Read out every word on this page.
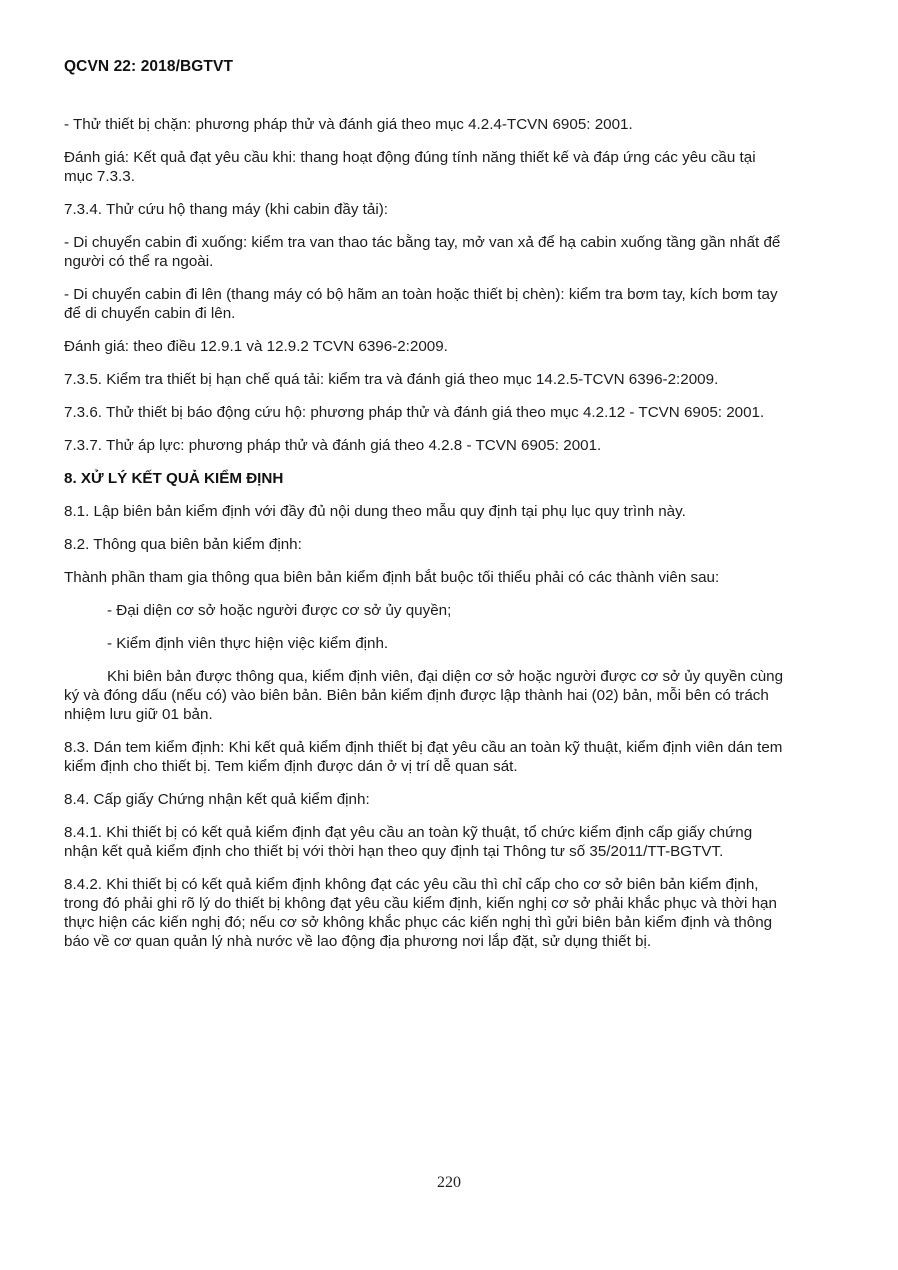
QCVN 22: 2018/BGTVT

- Thử thiết bị chặn: phương pháp thử và đánh giá theo mục 4.2.4-TCVN 6905: 2001.

Đánh giá: Kết quả đạt yêu cầu khi: thang hoạt động đúng tính năng thiết kế và đáp ứng các yêu cầu tại mục 7.3.3.

7.3.4. Thử cứu hộ thang máy (khi cabin đầy tải):

- Di chuyển cabin đi xuống: kiểm tra van thao tác bằng tay, mở van xả để hạ cabin xuống tầng gần nhất để người có thể ra ngoài.

- Di chuyển cabin đi lên (thang máy có bộ hãm an toàn hoặc thiết bị chèn): kiểm tra bơm tay, kích bơm tay để di chuyển cabin đi lên.

Đánh giá: theo điều 12.9.1 và 12.9.2 TCVN 6396-2:2009.

7.3.5. Kiểm tra thiết bị hạn chế quá tải: kiểm tra và đánh giá theo mục 14.2.5-TCVN 6396-2:2009.

7.3.6. Thử thiết bị báo động cứu hộ: phương pháp thử và đánh giá theo mục 4.2.12 - TCVN 6905: 2001.

7.3.7. Thử áp lực: phương pháp thử và đánh giá theo 4.2.8 - TCVN 6905: 2001.

8. XỬ LÝ KẾT QUẢ KIỂM ĐỊNH

8.1. Lập biên bản kiểm định với đầy đủ nội dung theo mẫu quy định tại phụ lục quy trình này.

8.2. Thông qua biên bản kiểm định:

Thành phần tham gia thông qua biên bản kiểm định bắt buộc tối thiểu phải có các thành viên sau:

- Đại diện cơ sở hoặc người được cơ sở ủy quyền;

- Kiểm định viên thực hiện việc kiểm định.

Khi biên bản được thông qua, kiểm định viên, đại diện cơ sở hoặc người được cơ sở ủy quyền cùng ký và đóng dấu (nếu có) vào biên bản. Biên bản kiểm định được lập thành hai (02) bản, mỗi bên có trách nhiệm lưu giữ 01 bản.

8.3. Dán tem kiểm định: Khi kết quả kiểm định thiết bị đạt yêu cầu an toàn kỹ thuật, kiểm định viên dán tem kiểm định cho thiết bị. Tem kiểm định được dán ở vị trí dễ quan sát.

8.4. Cấp giấy Chứng nhận kết quả kiểm định:

8.4.1. Khi thiết bị có kết quả kiểm định đạt yêu cầu an toàn kỹ thuật, tổ chức kiểm định cấp giấy chứng nhận kết quả kiểm định cho thiết bị với thời hạn theo quy định tại Thông tư số 35/2011/TT-BGTVT.

8.4.2. Khi thiết bị có kết quả kiểm định không đạt các yêu cầu thì chỉ cấp cho cơ sở biên bản kiểm định, trong đó phải ghi rõ lý do thiết bị không đạt yêu cầu kiểm định, kiến nghị cơ sở phải khắc phục và thời hạn thực hiện các kiến nghị đó; nếu cơ sở không khắc phục các kiến nghị thì gửi biên bản kiểm định và thông báo về cơ quan quản lý nhà nước về lao động địa phương nơi lắp đặt, sử dụng thiết bị.

220
